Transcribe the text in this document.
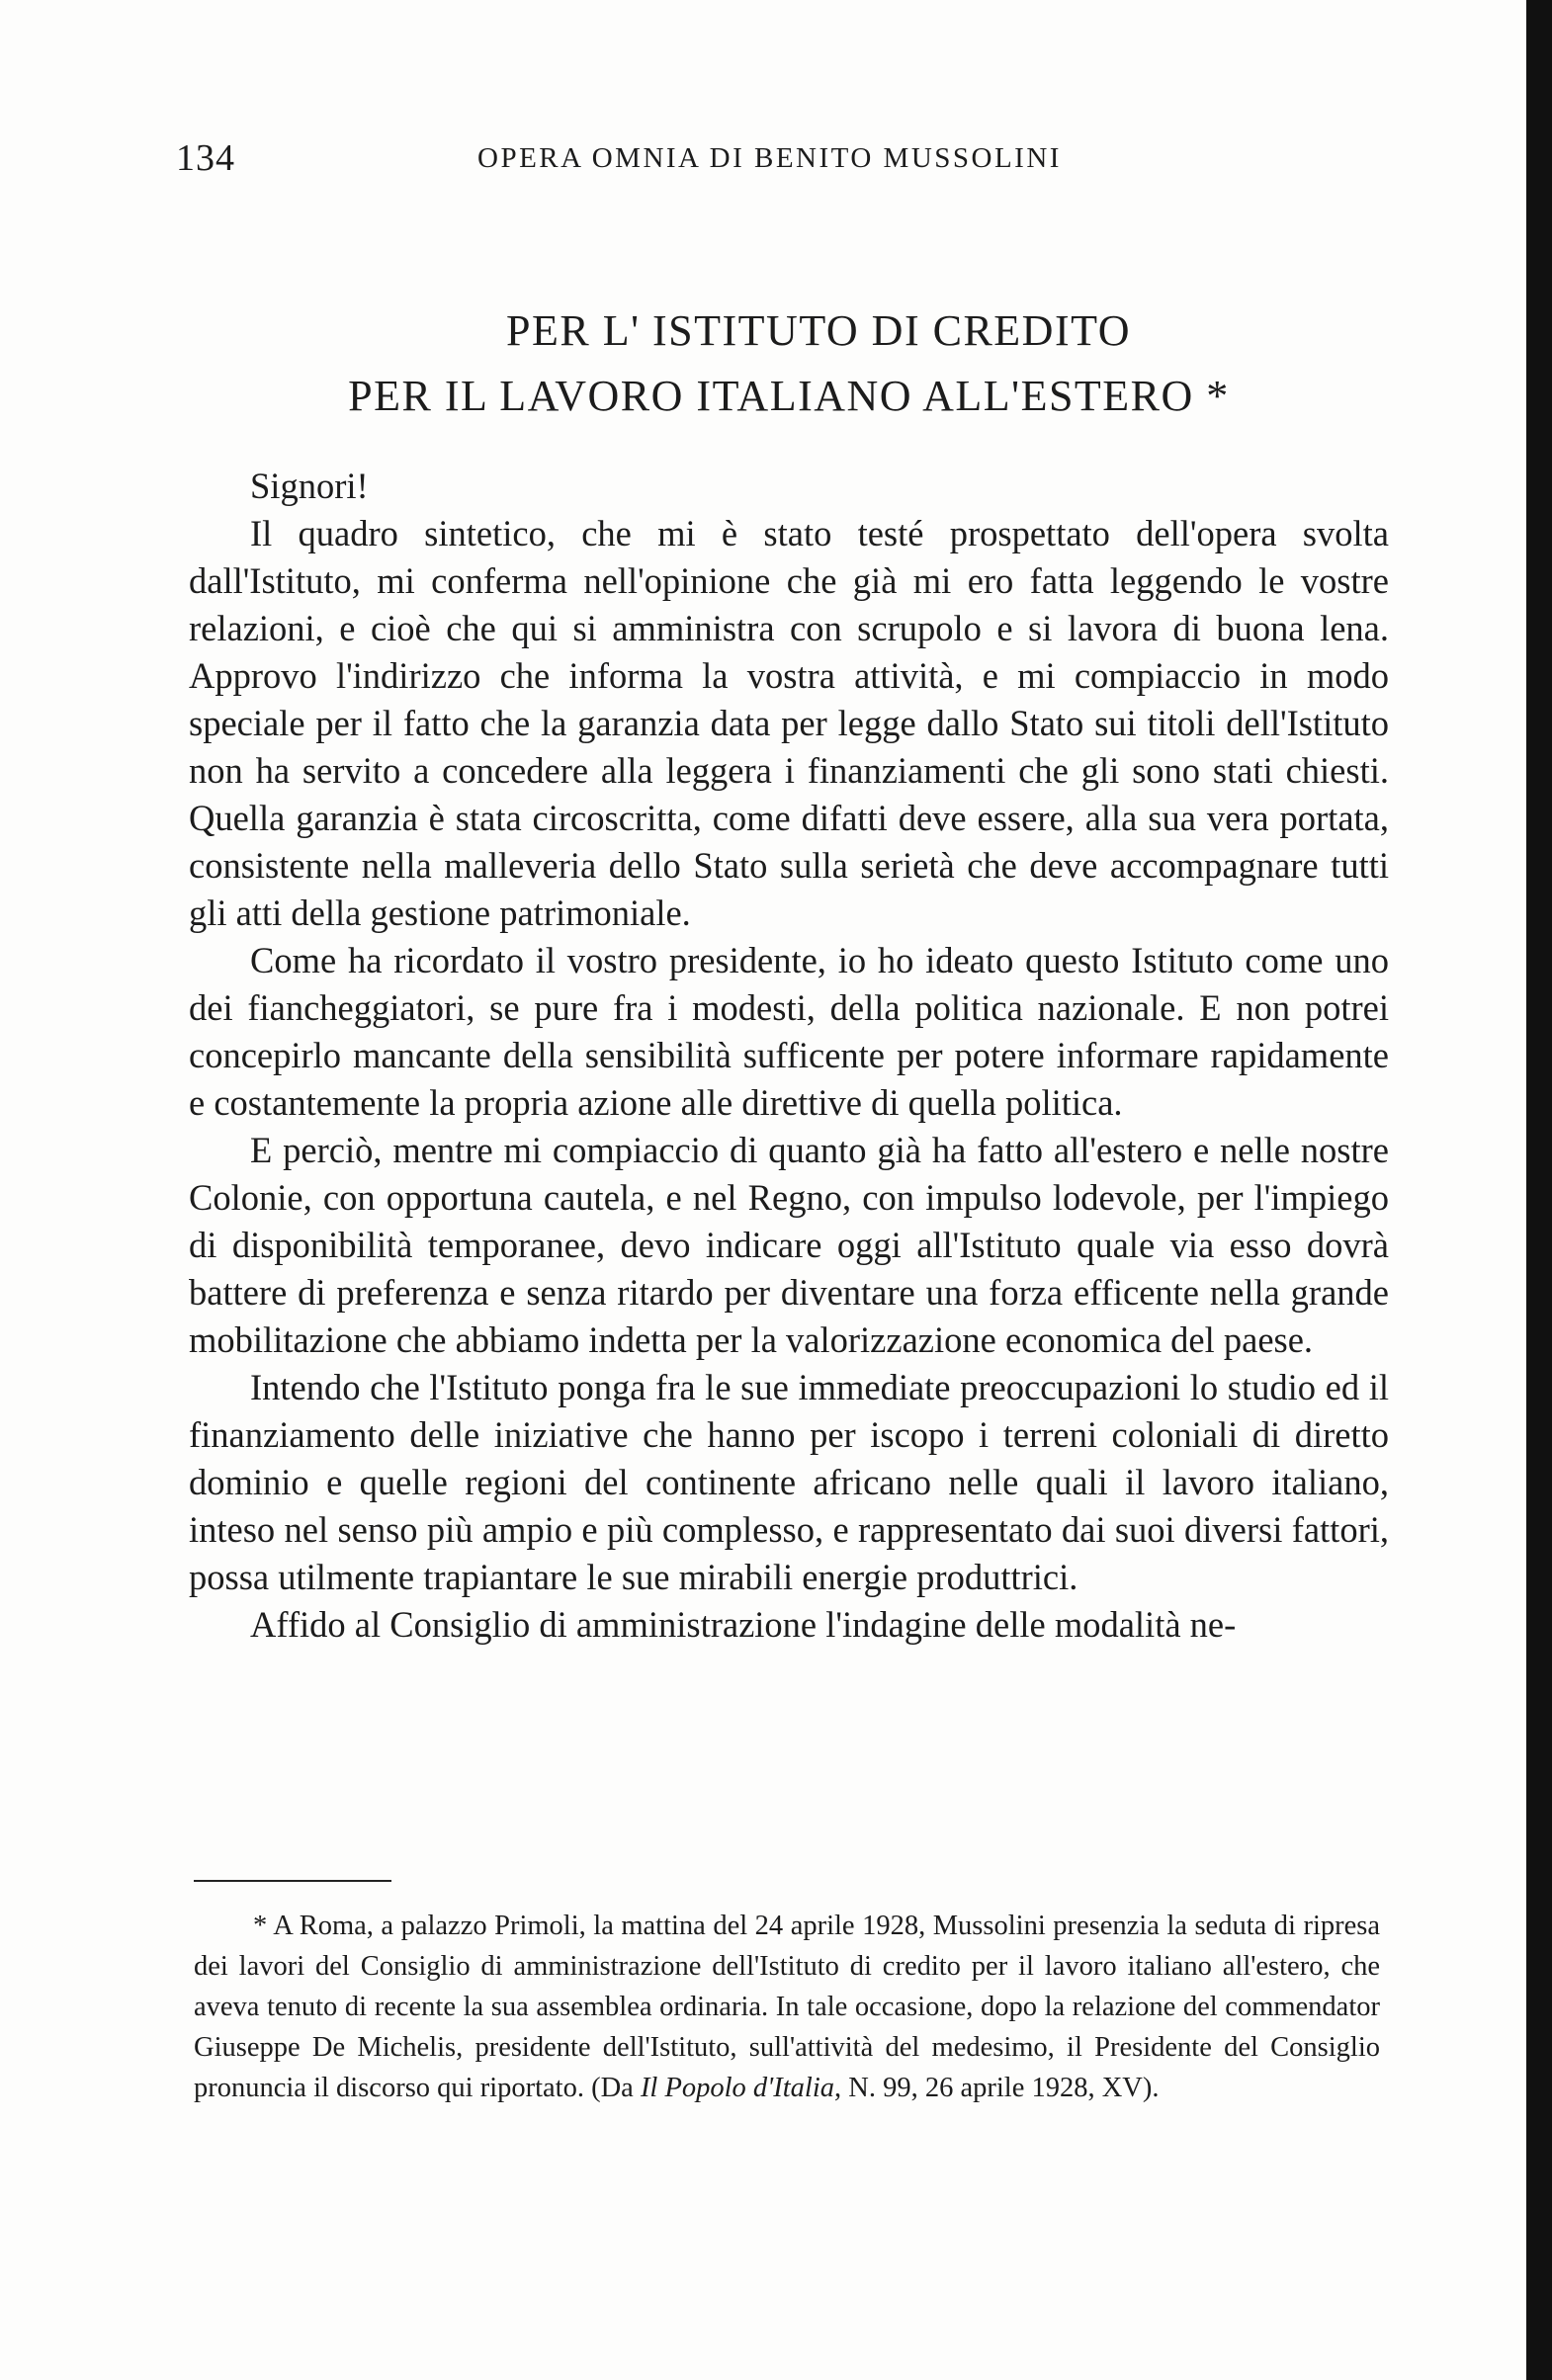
134	OPERA OMNIA DI BENITO MUSSOLINI
PER L' ISTITUTO DI CREDITO
PER IL LAVORO ITALIANO ALL'ESTERO *

Signori!

Il quadro sintetico, che mi è stato testé prospettato dell'opera svolta dall'Istituto, mi conferma nell'opinione che già mi ero fatta leggendo le vostre relazioni, e cioè che qui si amministra con scrupolo e si lavora di buona lena. Approvo l'indirizzo che informa la vostra attività, e mi compiaccio in modo speciale per il fatto che la garanzia data per legge dallo Stato sui titoli dell'Istituto non ha servito a concedere alla leggera i finanziamenti che gli sono stati chiesti. Quella garanzia è stata circoscritta, come difatti deve essere, alla sua vera portata, consistente nella malleveria dello Stato sulla serietà che deve accompagnare tutti gli atti della gestione patrimoniale.

Come ha ricordato il vostro presidente, io ho ideato questo Istituto come uno dei fiancheggiatori, se pure fra i modesti, della politica nazionale. E non potrei concepirlo mancante della sensibilità sufficente per potere informare rapidamente e costantemente la propria azione alle direttive di quella politica.

E perciò, mentre mi compiaccio di quanto già ha fatto all'estero e nelle nostre Colonie, con opportuna cautela, e nel Regno, con impulso lodevole, per l'impiego di disponibilità temporanee, devo indicare oggi all'Istituto quale via esso dovrà battere di preferenza e senza ritardo per diventare una forza efficente nella grande mobilitazione che abbiamo indetta per la valorizzazione economica del paese.

Intendo che l'Istituto ponga fra le sue immediate preoccupazioni lo studio ed il finanziamento delle iniziative che hanno per iscopo i terreni coloniali di diretto dominio e quelle regioni del continente africano nelle quali il lavoro italiano, inteso nel senso più ampio e più complesso, e rappresentato dai suoi diversi fattori, possa utilmente trapiantare le sue mirabili energie produttrici.

Affido al Consiglio di amministrazione l'indagine delle modalità ne-

* A Roma, a palazzo Primoli, la mattina del 24 aprile 1928, Mussolini presenzia la seduta di ripresa dei lavori del Consiglio di amministrazione dell'Istituto di credito per il lavoro italiano all'estero, che aveva tenuto di recente la sua assemblea ordinaria. In tale occasione, dopo la relazione del commendator Giuseppe De Michelis, presidente dell'Istituto, sull'attività del medesimo, il Presidente del Consiglio pronuncia il discorso qui riportato. (Da Il Popolo d'Italia, N. 99, 26 aprile 1928, XV).
